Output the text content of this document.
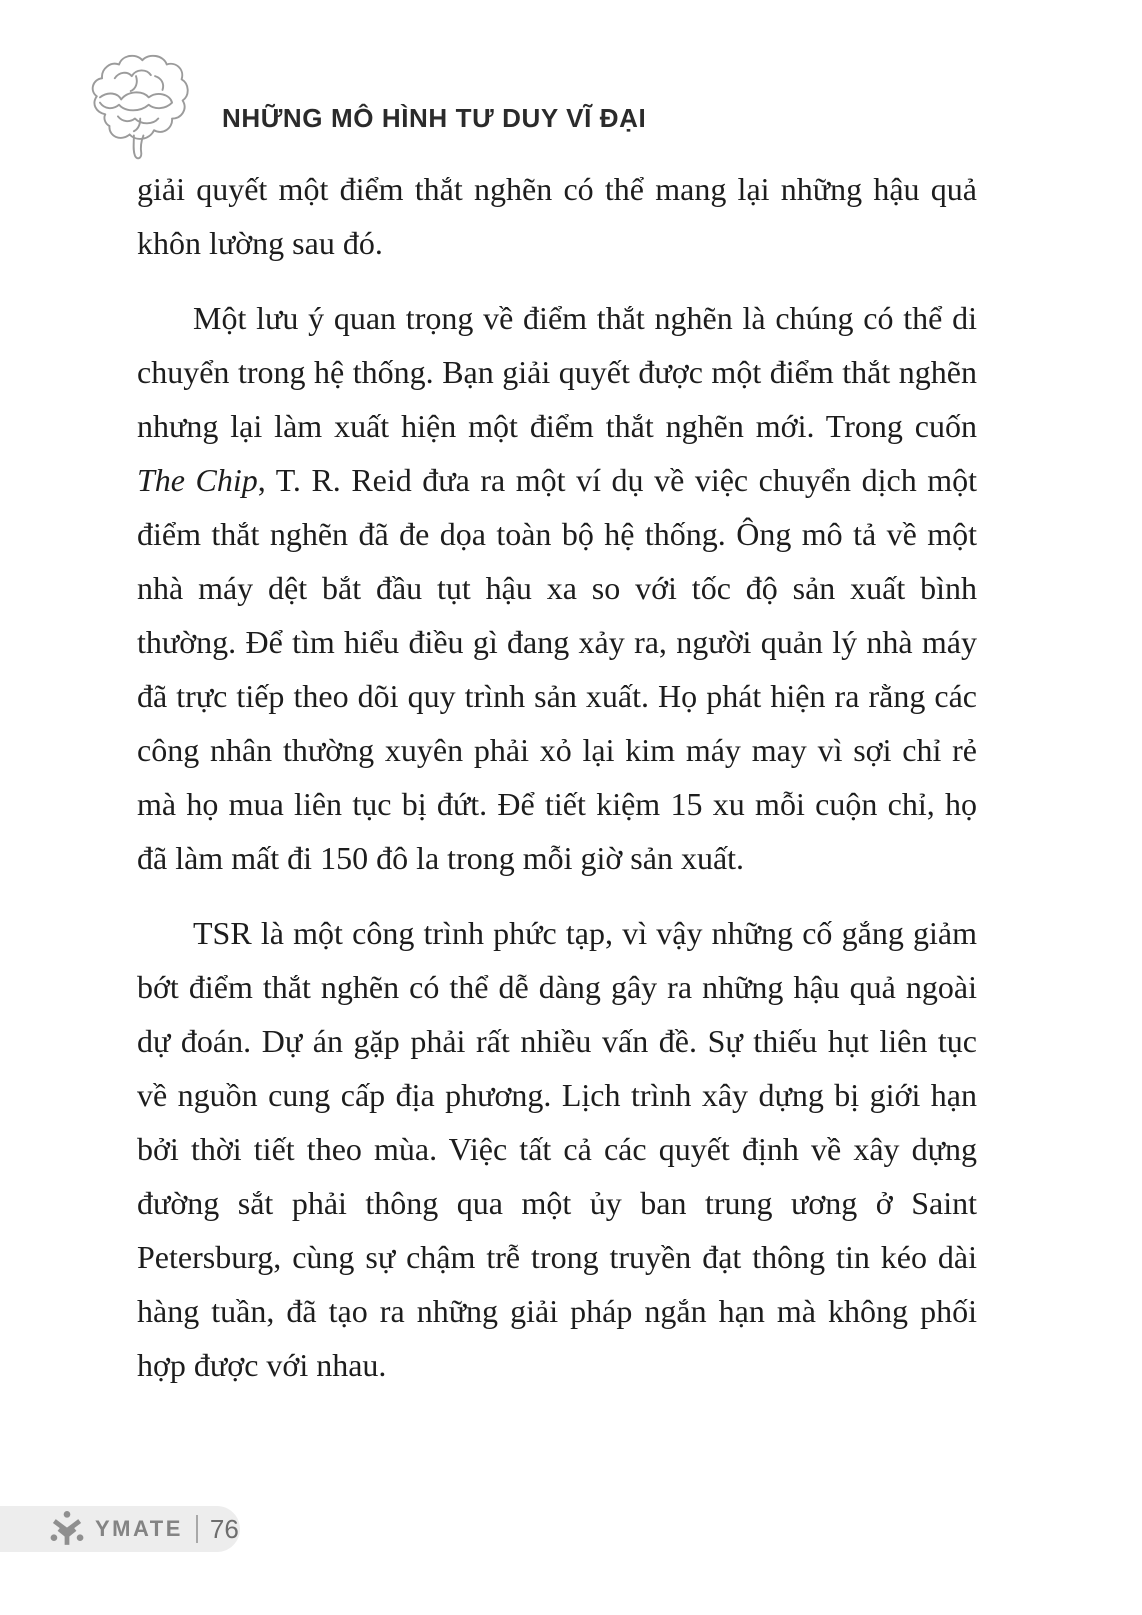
NHỮNG MÔ HÌNH TƯ DUY VĨ ĐẠI

giải quyết một điểm thắt nghẽn có thể mang lại những hậu quả khôn lường sau đó.

Một lưu ý quan trọng về điểm thắt nghẽn là chúng có thể di chuyển trong hệ thống. Bạn giải quyết được một điểm thắt nghẽn nhưng lại làm xuất hiện một điểm thắt nghẽn mới. Trong cuốn The Chip, T. R. Reid đưa ra một ví dụ về việc chuyển dịch một điểm thắt nghẽn đã đe dọa toàn bộ hệ thống. Ông mô tả về một nhà máy dệt bắt đầu tụt hậu xa so với tốc độ sản xuất bình thường. Để tìm hiểu điều gì đang xảy ra, người quản lý nhà máy đã trực tiếp theo dõi quy trình sản xuất. Họ phát hiện ra rằng các công nhân thường xuyên phải xỏ lại kim máy may vì sợi chỉ rẻ mà họ mua liên tục bị đứt. Để tiết kiệm 15 xu mỗi cuộn chỉ, họ đã làm mất đi 150 đô la trong mỗi giờ sản xuất.

TSR là một công trình phức tạp, vì vậy những cố gắng giảm bớt điểm thắt nghẽn có thể dễ dàng gây ra những hậu quả ngoài dự đoán. Dự án gặp phải rất nhiều vấn đề. Sự thiếu hụt liên tục về nguồn cung cấp địa phương. Lịch trình xây dựng bị giới hạn bởi thời tiết theo mùa. Việc tất cả các quyết định về xây dựng đường sắt phải thông qua một ủy ban trung ương ở Saint Petersburg, cùng sự chậm trễ trong truyền đạt thông tin kéo dài hàng tuần, đã tạo ra những giải pháp ngắn hạn mà không phối hợp được với nhau.

YMATE 76
